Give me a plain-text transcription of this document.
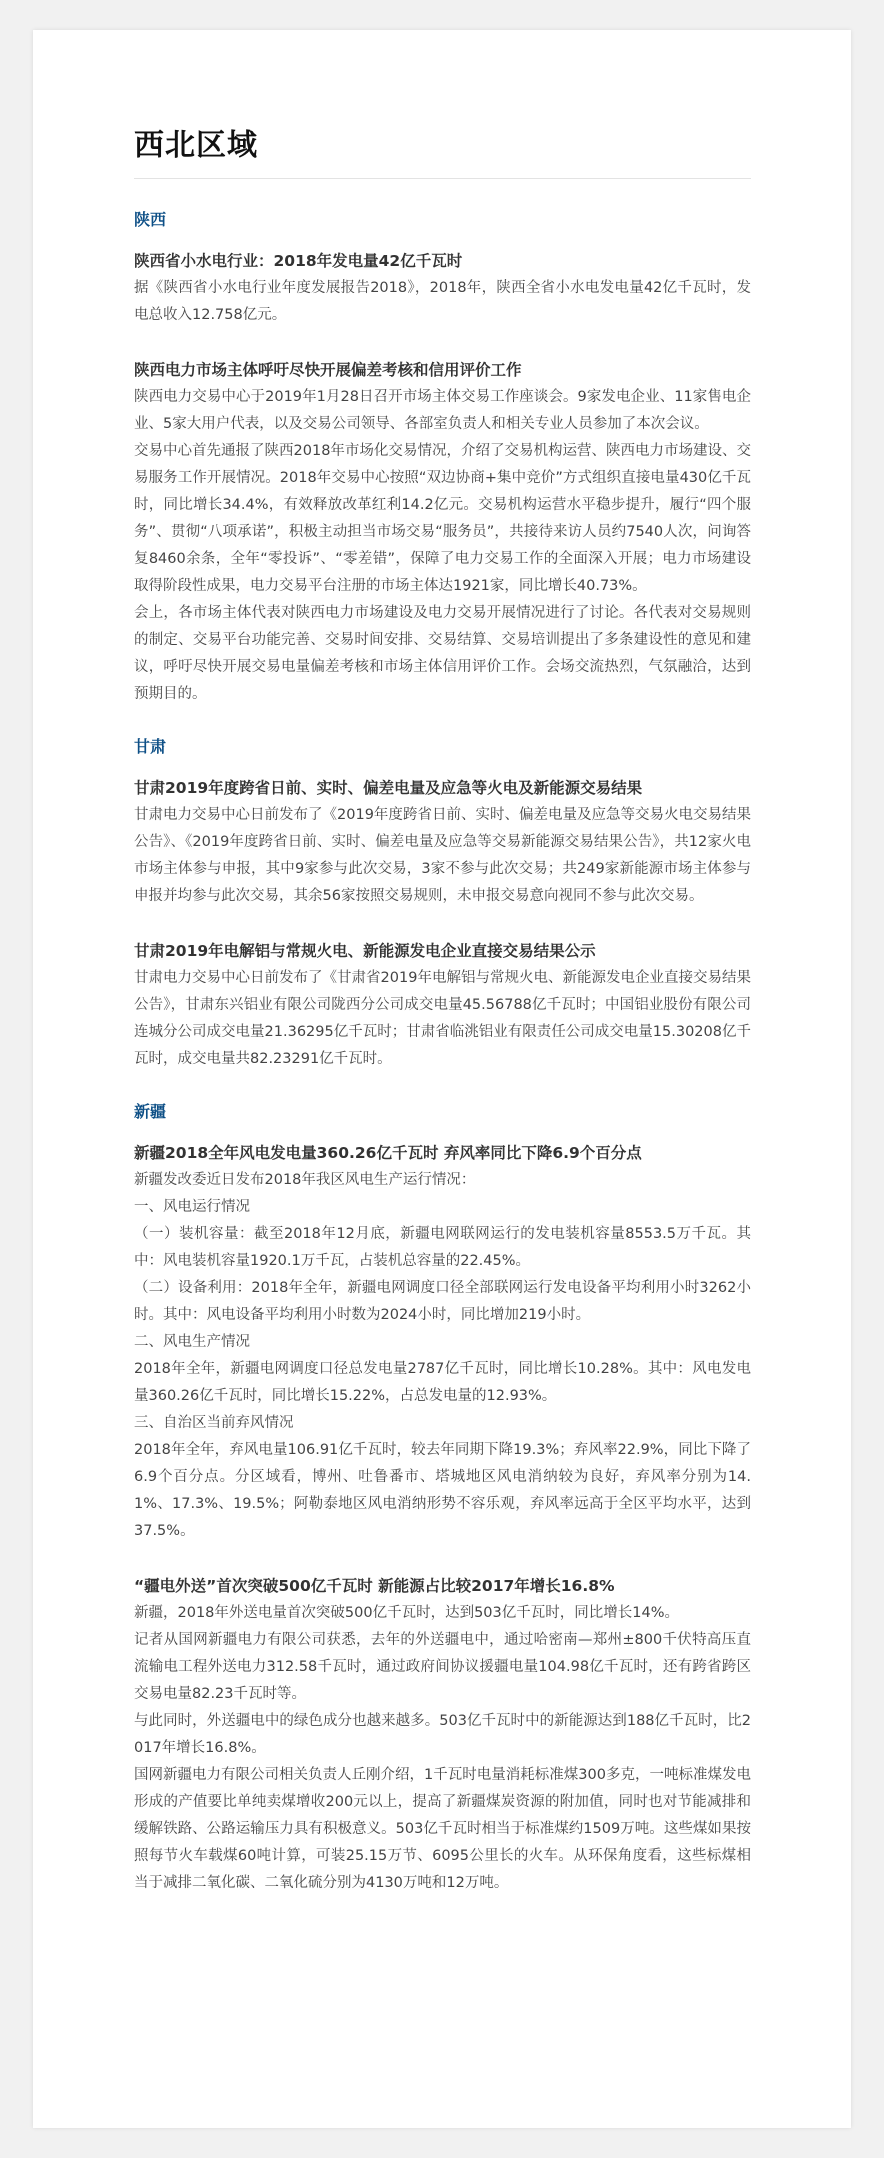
西北区域
陕西
陕西省小水电行业：2018年发电量42亿千瓦时

据《陕西省小水电行业年度发展报告2018》，2018年，陕西全省小水电发电量42亿千瓦时，发电总收入12.758亿元。

陕西电力市场主体呼吁尽快开展偏差考核和信用评价工作

陕西电力交易中心于2019年1月28日召开市场主体交易工作座谈会。9家发电企业、11家售电企业、5家大用户代表，以及交易公司领导、各部室负责人和相关专业人员参加了本次会议。

交易中心首先通报了陕西2018年市场化交易情况，介绍了交易机构运营、陕西电力市场建设、交易服务工作开展情况。2018年交易中心按照“双边协商+集中竞价”方式组织直接电量430亿千瓦时，同比增长34.4%，有效释放改革红利14.2亿元。交易机构运营水平稳步提升，履行“四个服务”、贯彻“八项承诺”，积极主动担当市场交易“服务员”，共接待来访人员约7540人次，问询答复8460余条，全年“零投诉”、“零差错”，保障了电力交易工作的全面深入开展；电力市场建设取得阶段性成果，电力交易平台注册的市场主体达1921家，同比增长40.73%。

会上，各市场主体代表对陕西电力市场建设及电力交易开展情况进行了讨论。各代表对交易规则的制定、交易平台功能完善、交易时间安排、交易结算、交易培训提出了多条建设性的意见和建议，呼吁尽快开展交易电量偏差考核和市场主体信用评价工作。会场交流热烈，气氛融洽，达到预期目的。

甘肃
甘肃2019年度跨省日前、实时、偏差电量及应急等火电及新能源交易结果

甘肃电力交易中心日前发布了《2019年度跨省日前、实时、偏差电量及应急等交易火电交易结果公告》、《2019年度跨省日前、实时、偏差电量及应急等交易新能源交易结果公告》，共12家火电市场主体参与申报，其中9家参与此次交易，3家不参与此次交易；共249家新能源市场主体参与申报并均参与此次交易，其余56家按照交易规则，未申报交易意向视同不参与此次交易。

甘肃2019年电解铝与常规火电、新能源发电企业直接交易结果公示

甘肃电力交易中心日前发布了《甘肃省2019年电解铝与常规火电、新能源发电企业直接交易结果公告》，甘肃东兴铝业有限公司陇西分公司成交电量45.56788亿千瓦时；中国铝业股份有限公司连城分公司成交电量21.36295亿千瓦时；甘肃省临洮铝业有限责任公司成交电量15.30208亿千瓦时，成交电量共82.23291亿千瓦时。

新疆
新疆2018全年风电发电量360.26亿千瓦时 弃风率同比下降6.9个百分点

新疆发改委近日发布2018年我区风电生产运行情况：

一、风电运行情况

（一）装机容量：截至2018年12月底，新疆电网联网运行的发电装机容量8553.5万千瓦。其中：风电装机容量1920.1万千瓦，占装机总容量的22.45%。

（二）设备利用：2018年全年，新疆电网调度口径全部联网运行发电设备平均利用小时3262小时。其中：风电设备平均利用小时数为2024小时，同比增加219小时。

二、风电生产情况

2018年全年，新疆电网调度口径总发电量2787亿千瓦时，同比增长10.28%。其中：风电发电量360.26亿千瓦时，同比增长15.22%，占总发电量的12.93%。

三、自治区当前弃风情况

2018年全年，弃风电量106.91亿千瓦时，较去年同期下降19.3%；弃风率22.9%，同比下降了6.9个百分点。分区域看，博州、吐鲁番市、塔城地区风电消纳较为良好，弃风率分别为14.1%、17.3%、19.5%；阿勒泰地区风电消纳形势不容乐观，弃风率远高于全区平均水平，达到37.5%。

“疆电外送”首次突破500亿千瓦时 新能源占比较2017年增长16.8%

新疆，2018年外送电量首次突破500亿千瓦时，达到503亿千瓦时，同比增长14%。

记者从国网新疆电力有限公司获悉，去年的外送疆电中，通过哈密南—郑州±800千伏特高压直流输电工程外送电力312.58千瓦时，通过政府间协议援疆电量104.98亿千瓦时，还有跨省跨区交易电量82.23千瓦时等。

与此同时，外送疆电中的绿色成分也越来越多。503亿千瓦时中的新能源达到188亿千瓦时，比2017年增长16.8%。

国网新疆电力有限公司相关负责人丘刚介绍，1千瓦时电量消耗标准煤300多克，一吨标准煤发电形成的产值要比单纯卖煤增收200元以上，提高了新疆煤炭资源的附加值，同时也对节能减排和缓解铁路、公路运输压力具有积极意义。503亿千瓦时相当于标准煤约1509万吨。这些煤如果按照每节火车载煤60吨计算，可装25.15万节、6095公里长的火车。从环保角度看，这些标煤相当于减排二氧化碳、二氧化硫分别为4130万吨和12万吨。
